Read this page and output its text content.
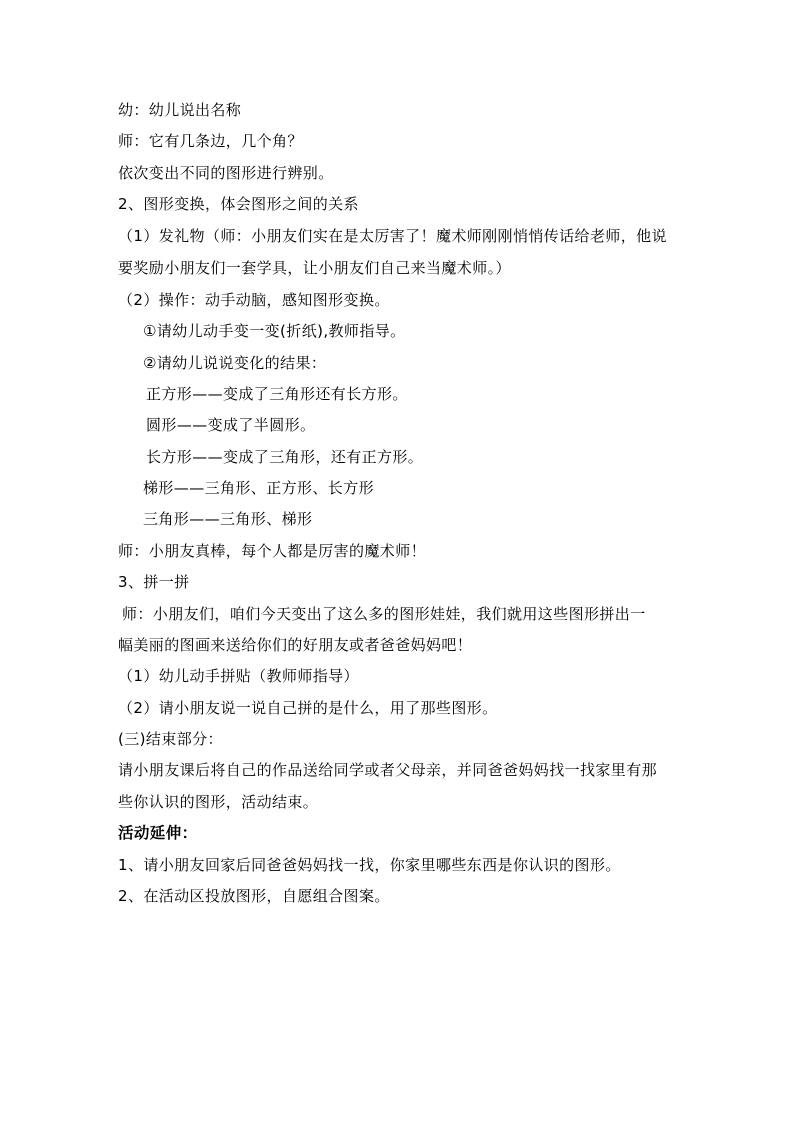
幼：幼儿说出名称
师：它有几条边，几个角？
依次变出不同的图形进行辨别。
2、图形变换，体会图形之间的关系
（1）发礼物（师：小朋友们实在是太厉害了！魔术师刚刚悄悄传话给老师，他说
要奖励小朋友们一套学具，让小朋友们自己来当魔术师。）
（2）操作：动手动脑，感知图形变换。
①请幼儿动手变一变(折纸),教师指导。
②请幼儿说说变化的结果：
正方形——变成了三角形还有长方形。
圆形——变成了半圆形。
长方形——变成了三角形，还有正方形。
梯形——三角形、正方形、长方形
三角形——三角形、梯形
师：小朋友真棒，每个人都是厉害的魔术师！
3、拼一拼
师：小朋友们，咱们今天变出了这么多的图形娃娃，我们就用这些图形拼出一
幅美丽的图画来送给你们的好朋友或者爸爸妈妈吧！
（1）幼儿动手拼贴（教师师指导）
（2）请小朋友说一说自己拼的是什么，用了那些图形。
(三)结束部分：
请小朋友课后将自己的作品送给同学或者父母亲，并同爸爸妈妈找一找家里有那
些你认识的图形，活动结束。
活动延伸：
1、请小朋友回家后同爸爸妈妈找一找，你家里哪些东西是你认识的图形。
2、在活动区投放图形，自愿组合图案。
